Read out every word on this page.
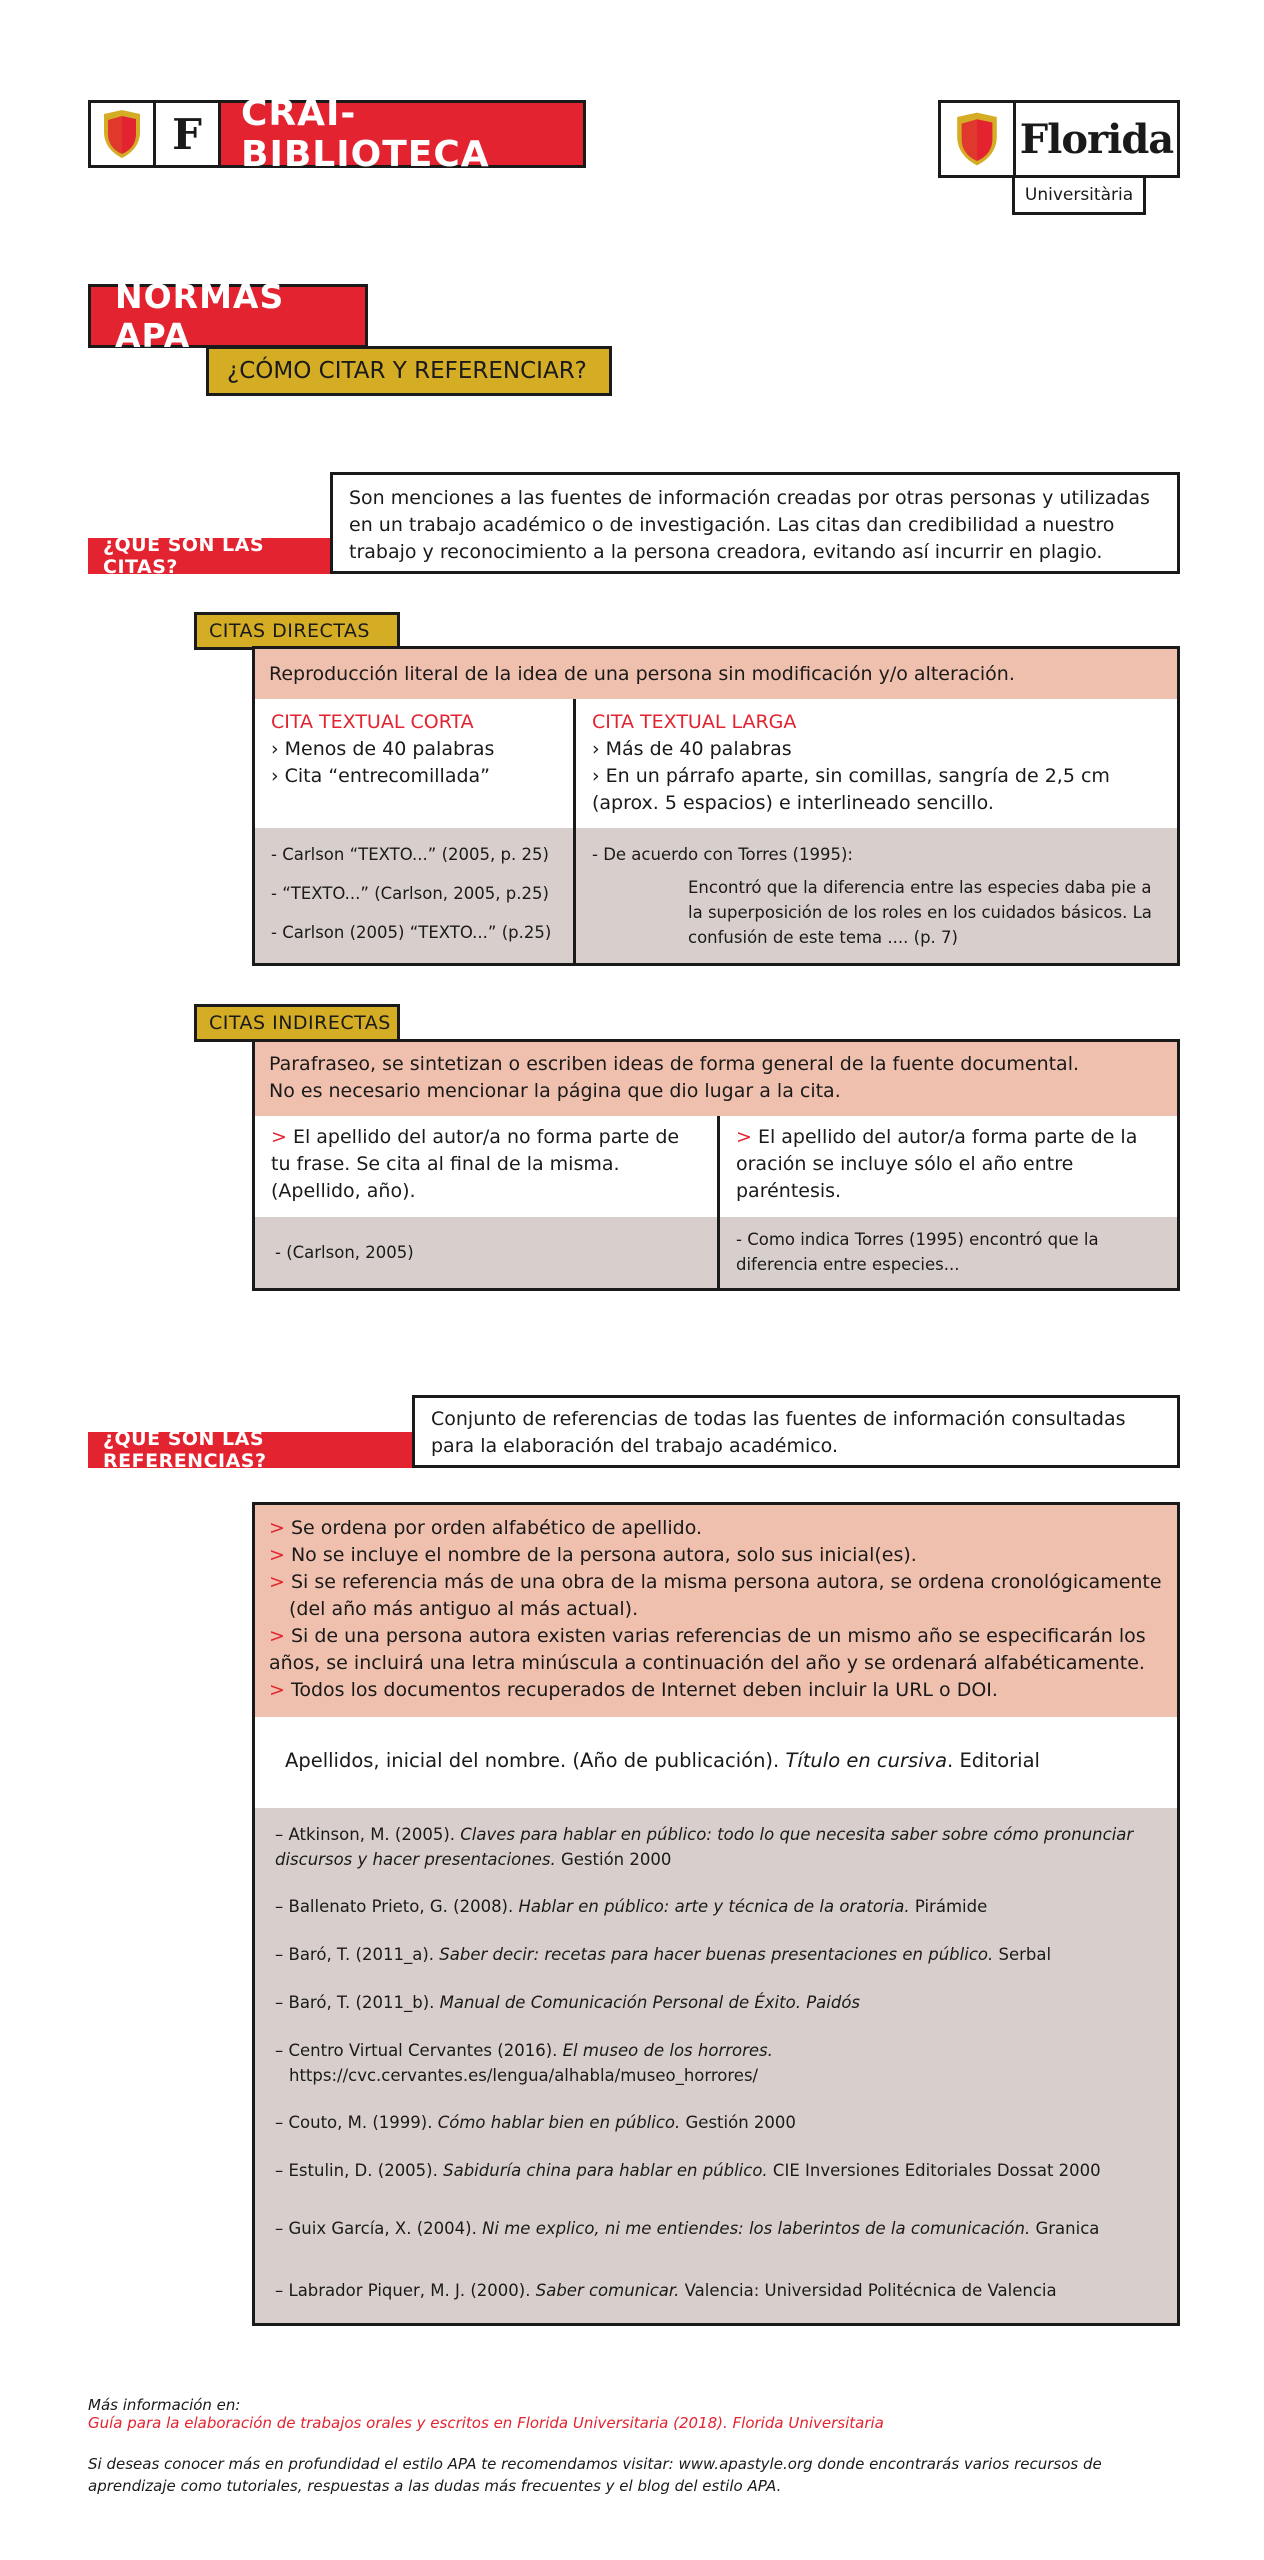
F	CRAI-BIBLIOTECA	Florida
Universitària
NORMAS APA
¿CÓMO CITAR Y REFERENCIAR?
¿QUÉ SON LAS CITAS?
Son menciones a las fuentes de información creadas por otras personas y utilizadas en un trabajo académico o de investigación. Las citas dan credibilidad a nuestro trabajo y reconocimiento a la persona creadora, evitando así incurrir en plagio.
CITAS DIRECTAS
Reproducción literal de la idea de una persona sin modificación y/o alteración.
CITA TEXTUAL CORTA
› Menos de 40 palabras
› Cita “entrecomillada”
CITA TEXTUAL LARGA
› Más de 40 palabras
› En un párrafo aparte, sin comillas, sangría de 2,5 cm (aprox. 5 espacios) e interlineado sencillo.
- Carlson “TEXTO...” (2005, p. 25)
- “TEXTO...” (Carlson, 2005, p.25)
- Carlson (2005) “TEXTO...” (p.25)
- De acuerdo con Torres (1995):
Encontró que la diferencia entre las especies daba pie a la superposición de los roles en los cuidados básicos. La confusión de este tema .... (p. 7)
CITAS INDIRECTAS
Parafraseo, se sintetizan o escriben ideas de forma general de la fuente documental.
No es necesario mencionar la página que dio lugar a la cita.
> El apellido del autor/a no forma parte de tu frase. Se cita al final de la misma. (Apellido, año).
> El apellido del autor/a forma parte de la oración se incluye sólo el año entre paréntesis.
- (Carlson, 2005)
- Como indica Torres (1995) encontró que la diferencia entre especies...
¿QUÉ SON LAS REFERENCIAS?
Conjunto de referencias de todas las fuentes de información consultadas para la elaboración del trabajo académico.
> Se ordena por orden alfabético de apellido.
> No se incluye el nombre de la persona autora, solo sus inicial(es).
> Si se referencia más de una obra de la misma persona autora, se ordena cronológicamente
(del año más antiguo al más actual).
> Si de una persona autora existen varias referencias de un mismo año se especificarán los años, se incluirá una letra minúscula a continuación del año y se ordenará alfabéticamente.
> Todos los documentos recuperados de Internet deben incluir la URL o DOI.
Apellidos, inicial del nombre. (Año de publicación). Título en cursiva. Editorial
– Atkinson, M. (2005). Claves para hablar en público: todo lo que necesita saber sobre cómo pronunciar discursos y hacer presentaciones. Gestión 2000
– Ballenato Prieto, G. (2008). Hablar en público: arte y técnica de la oratoria. Pirámide
– Baró, T. (2011_a). Saber decir: recetas para hacer buenas presentaciones en público. Serbal
– Baró, T. (2011_b). Manual de Comunicación Personal de Éxito. Paidós
– Centro Virtual Cervantes (2016). El museo de los horrores.
https://cvc.cervantes.es/lengua/alhabla/museo_horrores/
– Couto, M. (1999). Cómo hablar bien en público. Gestión 2000
– Estulin, D. (2005). Sabiduría china para hablar en público. CIE Inversiones Editoriales Dossat 2000
– Guix García, X. (2004). Ni me explico, ni me entiendes: los laberintos de la comunicación. Granica
– Labrador Piquer, M. J. (2000). Saber comunicar. Valencia: Universidad Politécnica de Valencia
Más información en:
Guía para la elaboración de trabajos orales y escritos en Florida Universitaria (2018). Florida Universitaria
Si deseas conocer más en profundidad el estilo APA te recomendamos visitar: www.apastyle.org donde encontrarás varios recursos de aprendizaje como tutoriales, respuestas a las dudas más frecuentes y el blog del estilo APA.
